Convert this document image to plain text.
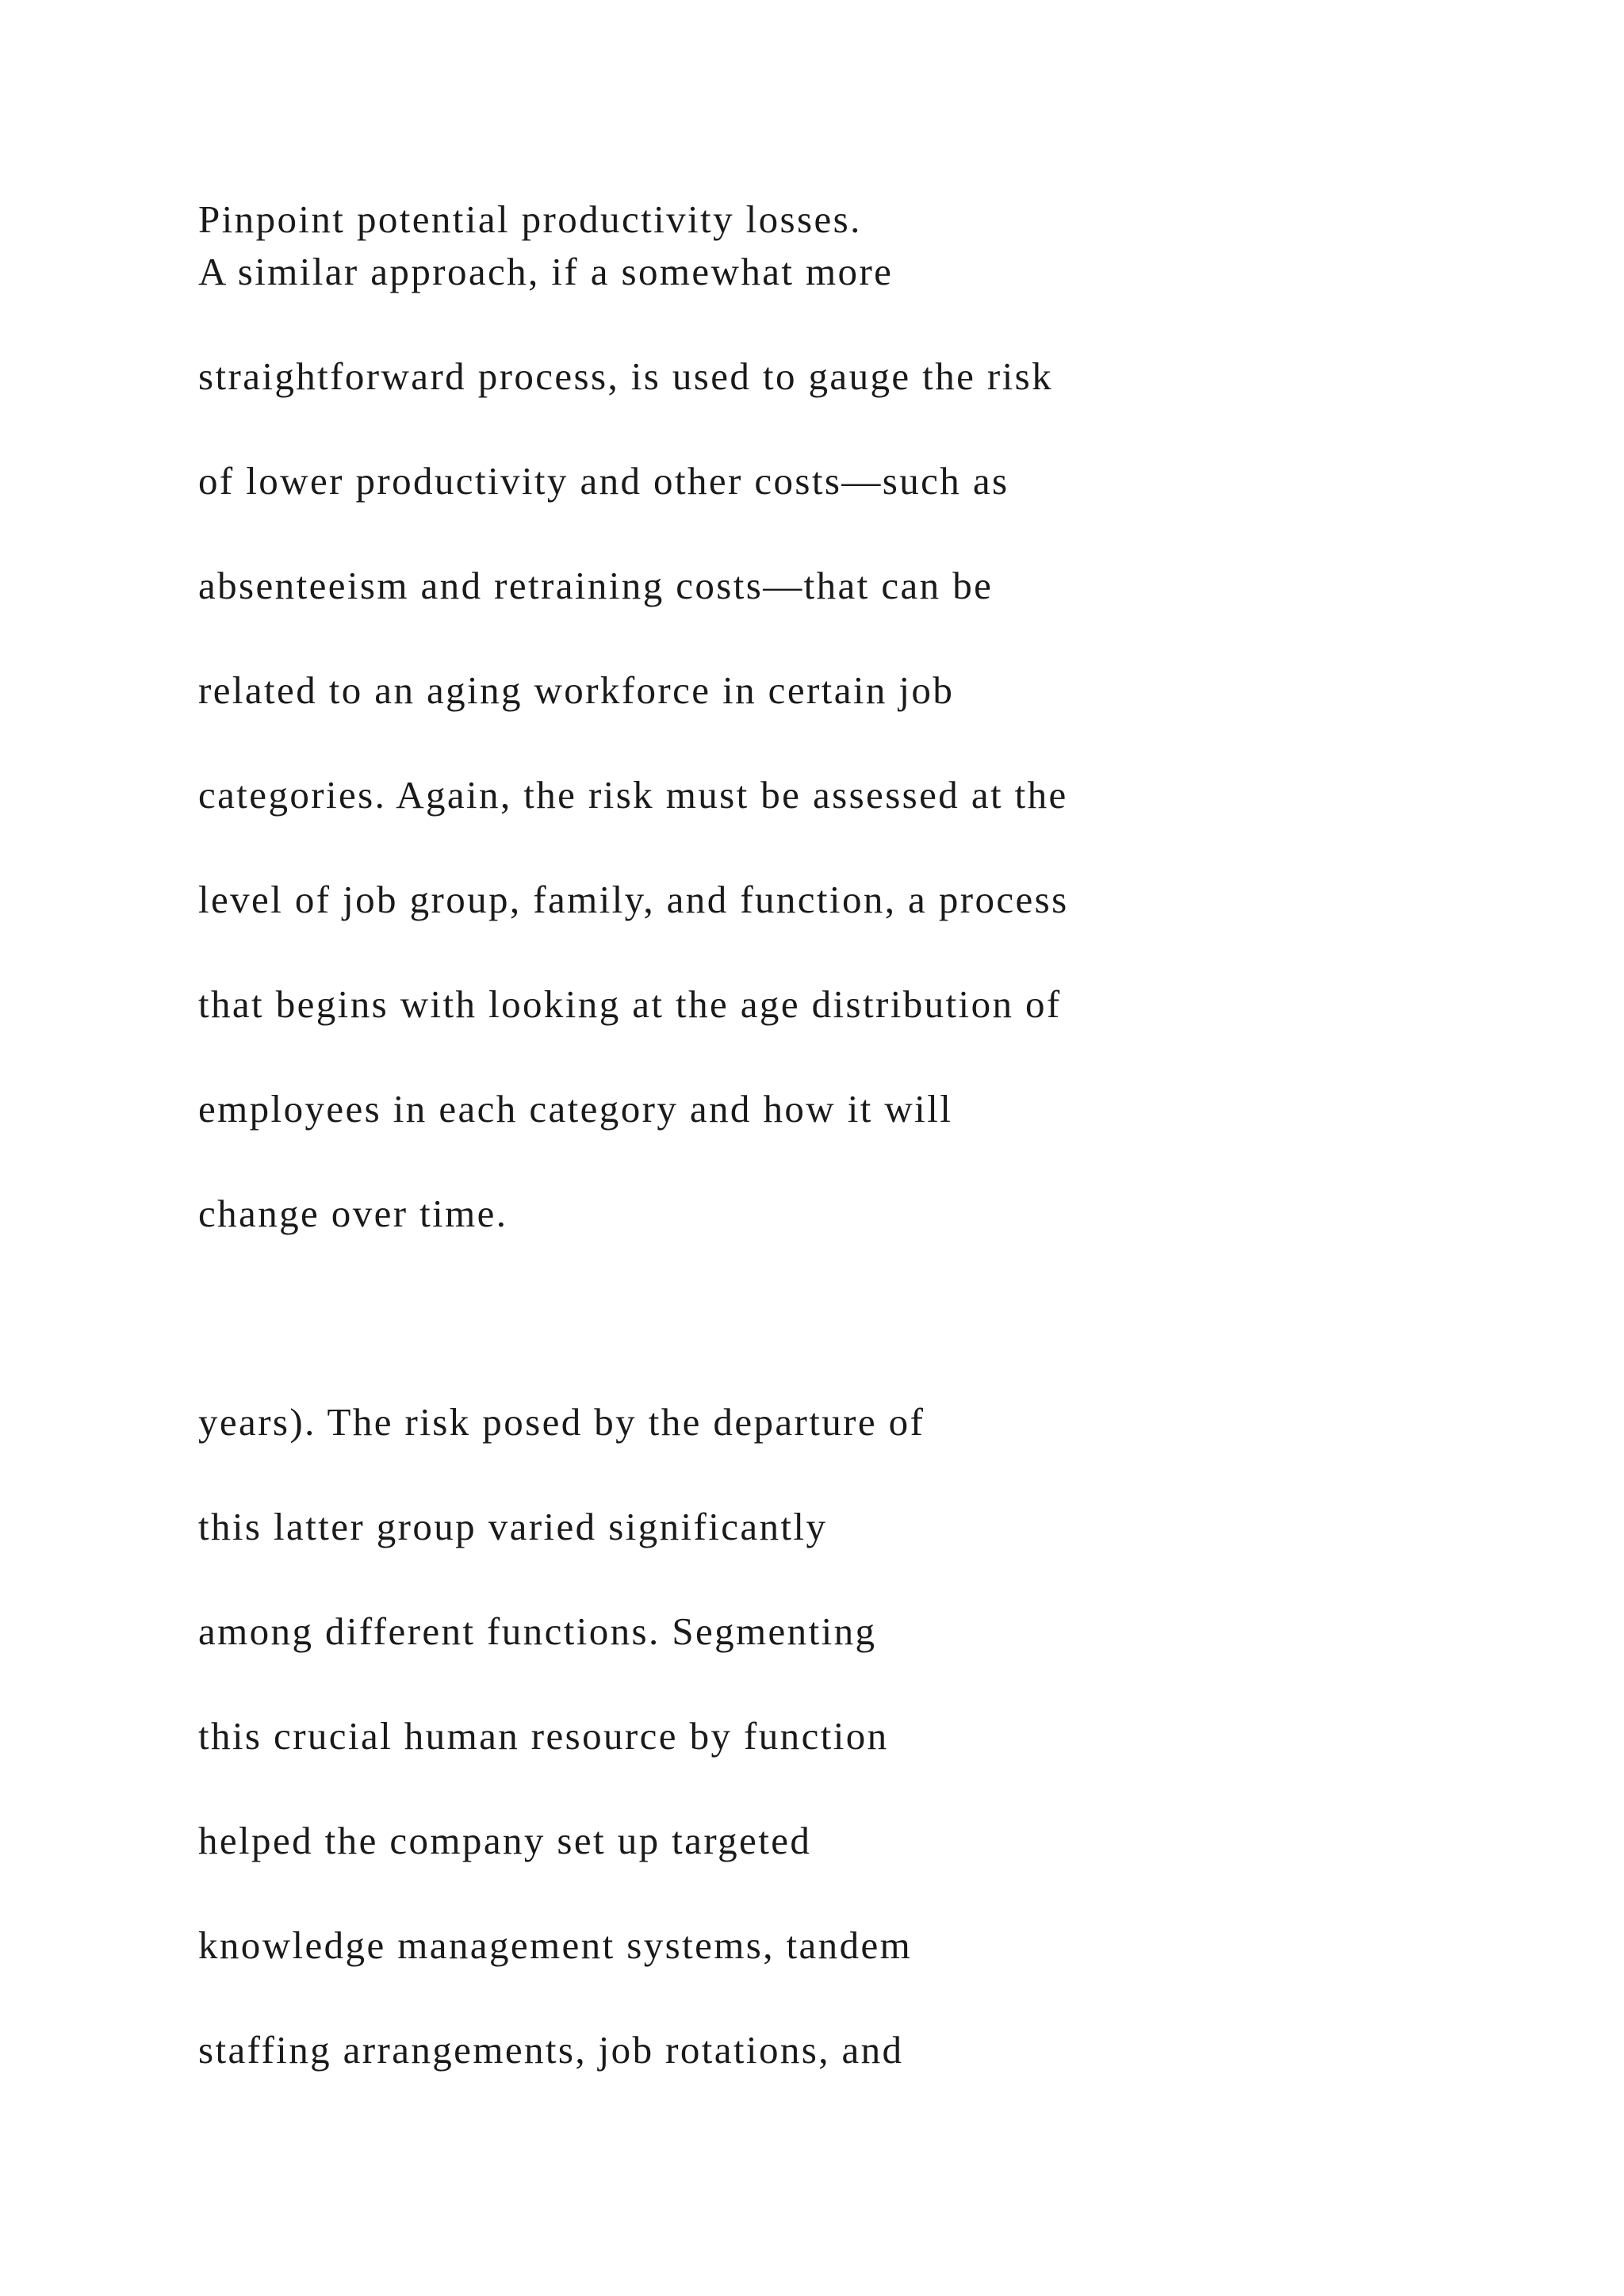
Pinpoint potential productivity losses.

A similar approach, if a somewhat more

straightforward process, is used to gauge the risk

of lower productivity and other costs—such as

absenteeism and retraining costs—that can be

related to an aging workforce in certain job

categories. Again, the risk must be assessed at the

level of job group, family, and function, a process

that begins with looking at the age distribution of

employees in each category and how it will

change over time.

years). The risk posed by the departure of

this latter group varied significantly

among different functions. Segmenting

this crucial human resource by function

helped the company set up targeted

knowledge management systems, tandem

staffing arrangements, job rotations, and
